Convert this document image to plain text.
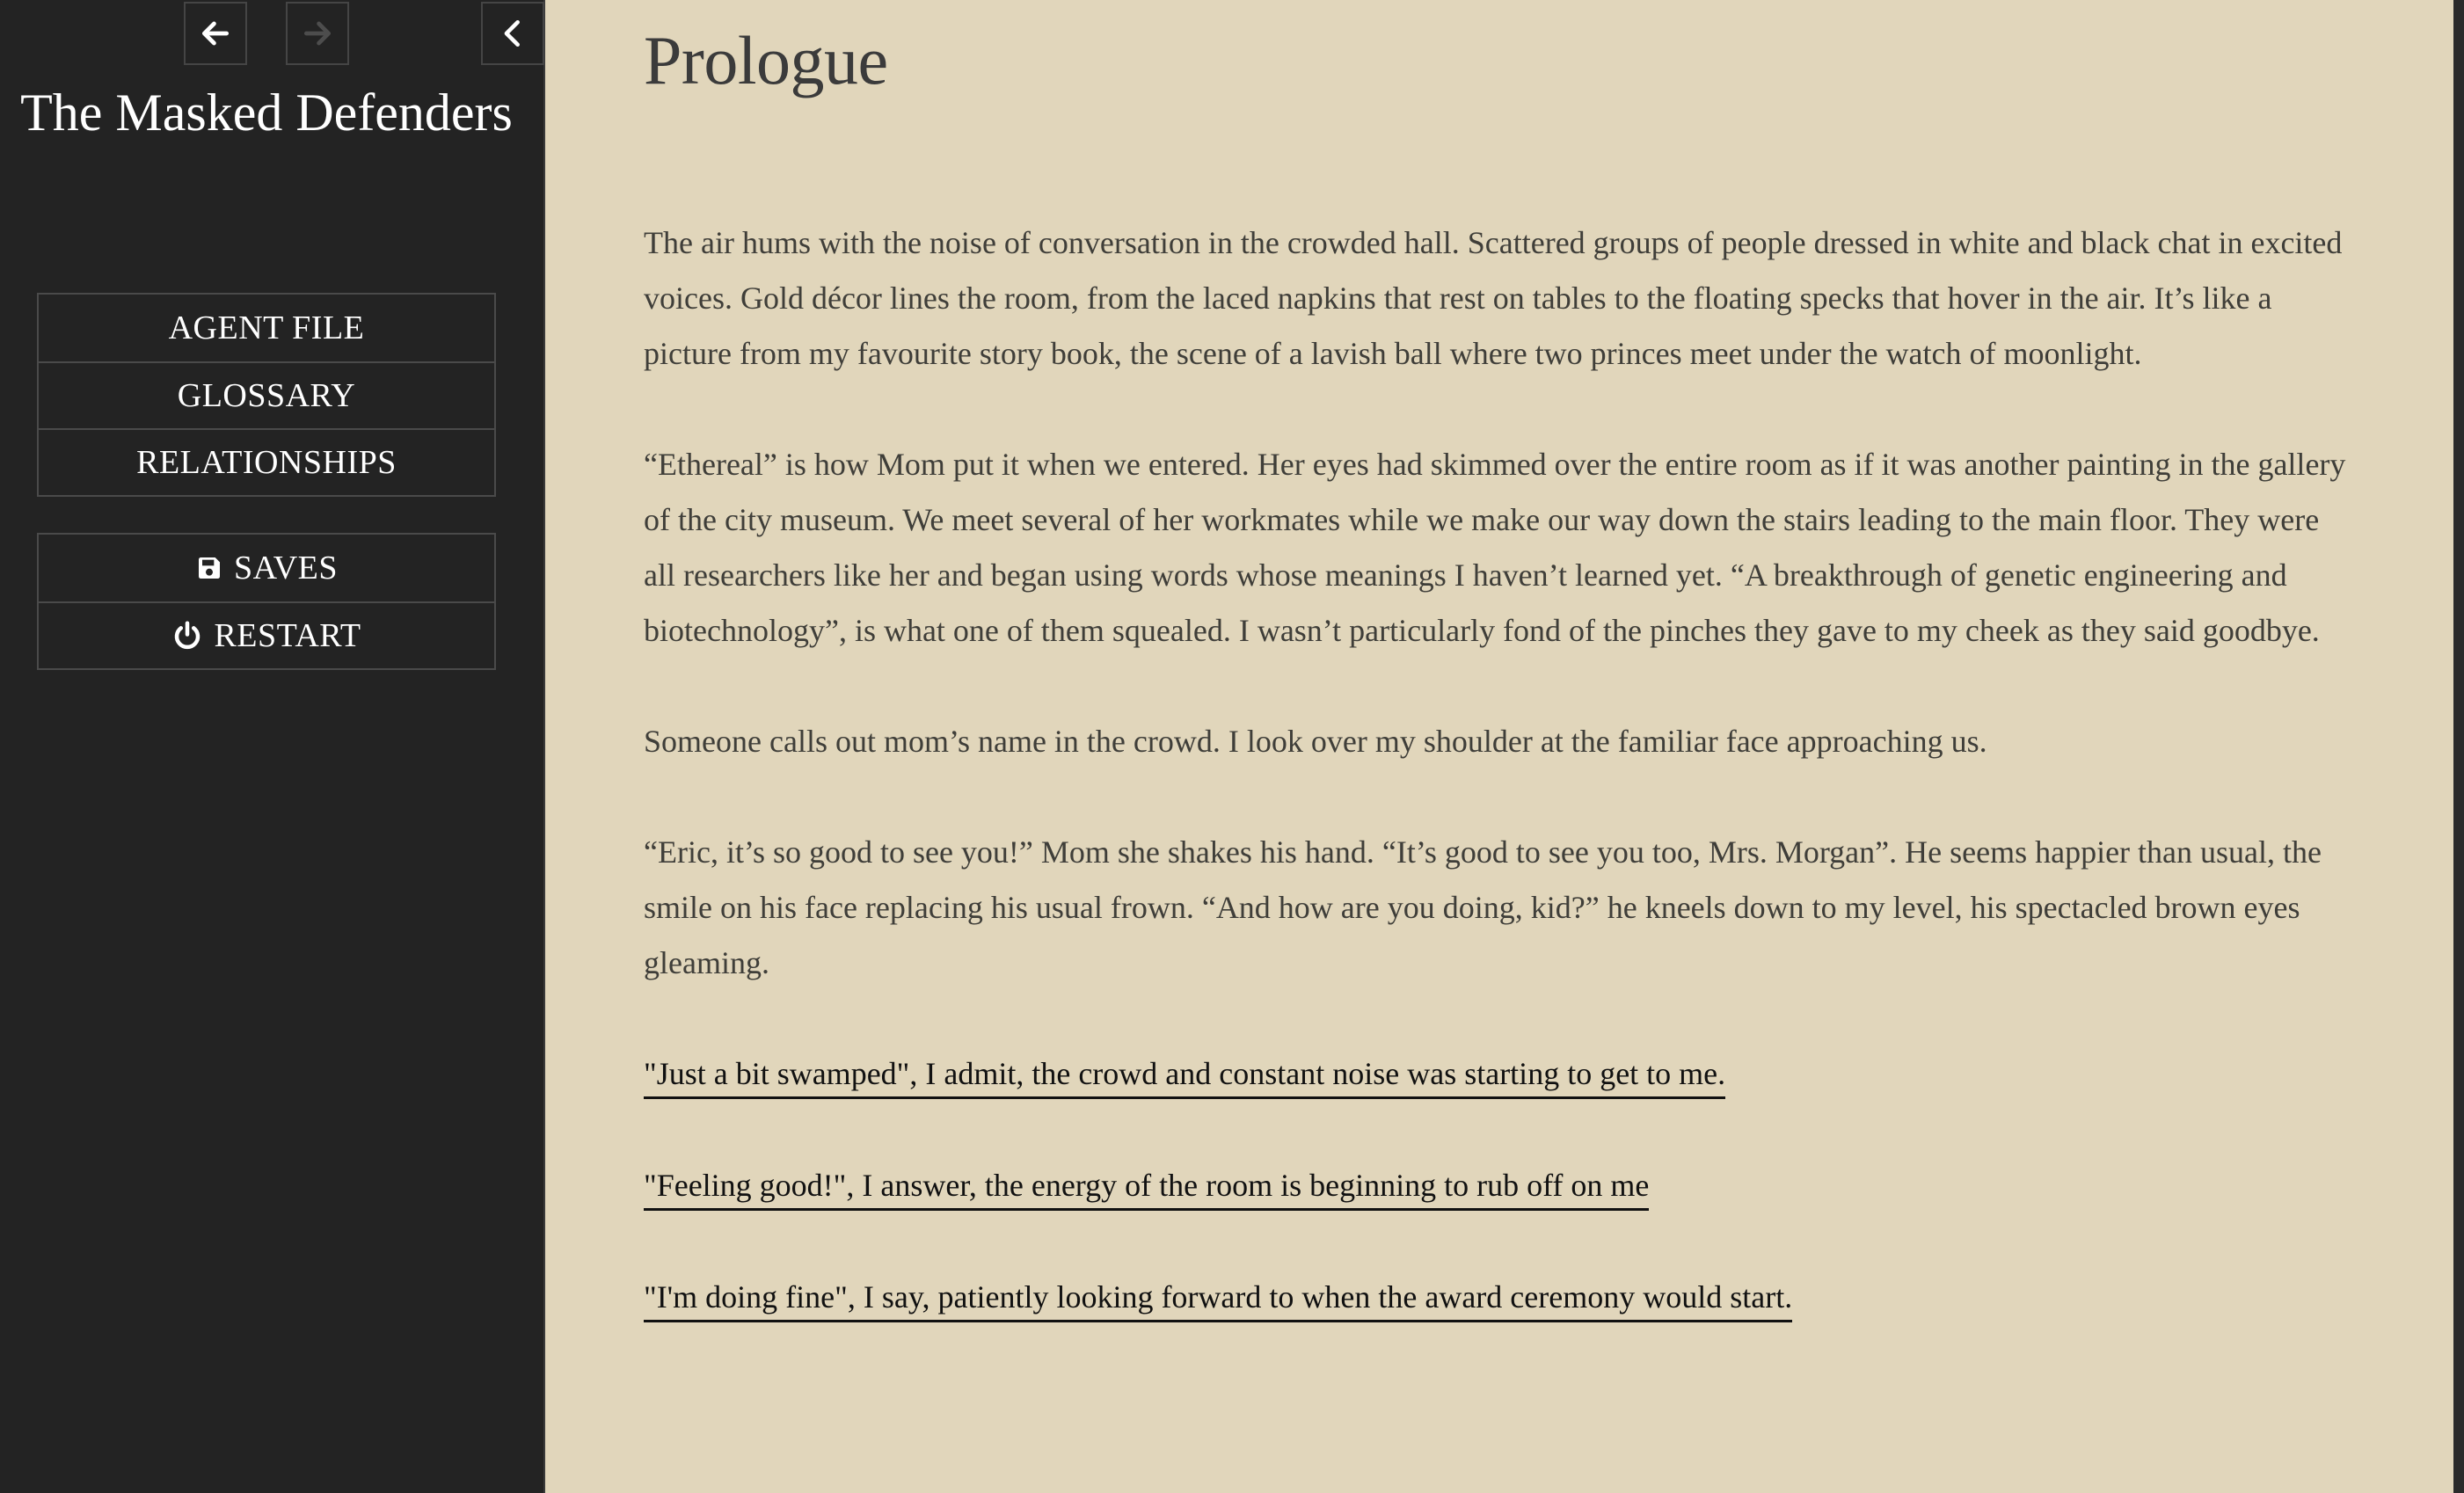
The Masked Defenders
AGENT FILE
GLOSSARY
RELATIONSHIPS
SAVES
RESTART
Prologue

The air hums with the noise of conversation in the crowded hall. Scattered groups of people dressed in white and black chat in excited voices. Gold décor lines the room, from the laced napkins that rest on tables to the floating specks that hover in the air. It’s like a picture from my favourite story book, the scene of a lavish ball where two princes meet under the watch of moonlight.

“Ethereal” is how Mom put it when we entered. Her eyes had skimmed over the entire room as if it was another painting in the gallery of the city museum. We meet several of her workmates while we make our way down the stairs leading to the main floor. They were all researchers like her and began using words whose meanings I haven’t learned yet. “A breakthrough of genetic engineering and biotechnology”, is what one of them squealed. I wasn’t particularly fond of the pinches they gave to my cheek as they said goodbye.

Someone calls out mom’s name in the crowd. I look over my shoulder at the familiar face approaching us.

“Eric, it’s so good to see you!” Mom she shakes his hand. “It’s good to see you too, Mrs. Morgan”. He seems happier than usual, the smile on his face replacing his usual frown. “And how are you doing, kid?” he kneels down to my level, his spectacled brown eyes gleaming.

"Just a bit swamped", I admit, the crowd and constant noise was starting to get to me.
"Feeling good!", I answer, the energy of the room is beginning to rub off on me
"I'm doing fine", I say, patiently looking forward to when the award ceremony would start.
